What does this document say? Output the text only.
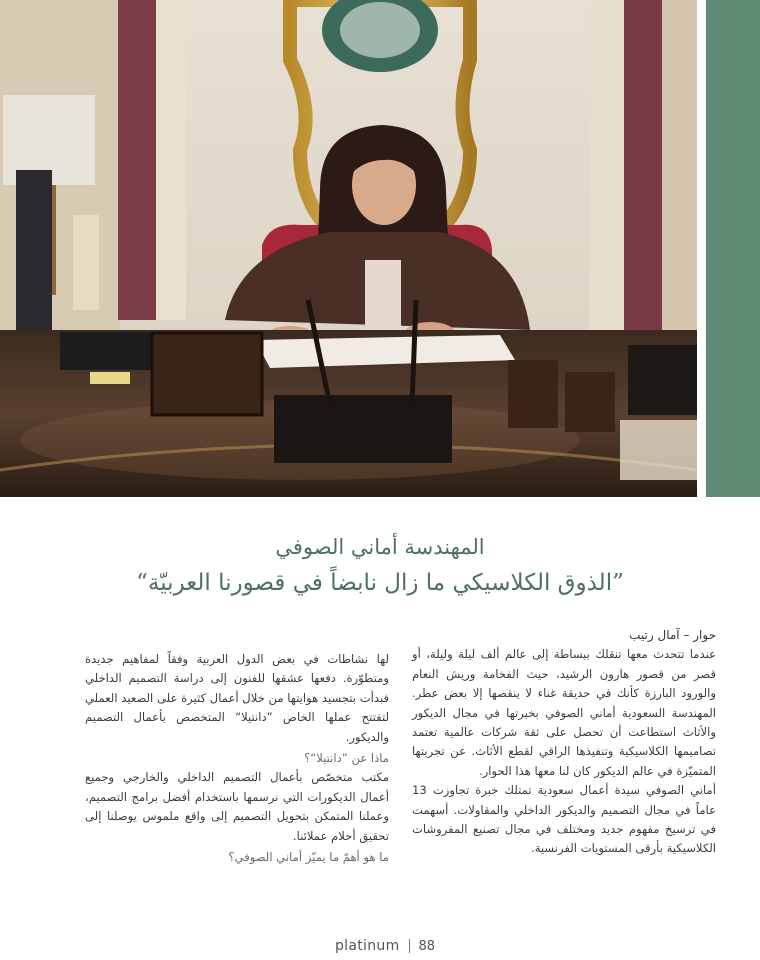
المهندسة أماني الصوفي
”الذوق الكلاسيكي ما زال نابضاً في قصورنا العربيّة“

حوار – آمال رتيب

عندما تتحدث معها تنقلك ببساطة إلى عالم ألف ليلة وليلة، أو قصر من قصور هارون الرشيد، حيث الفخامة وريش النعام والورود البارزة كأنك في حديقة غناء لا ينقصها إلا بعض عطر. المهندسة السعودية أماني الصوفي بخبرتها في مجال الديكور والأثاث استطاعت أن تحصل على ثقة شركات عالمية تعتمد تصاميمها الكلاسيكية وتنفيذها الراقي لقطع الأثاث. عن تجربتها المتميّزة في عالم الديكور كان لنا معها هذا الحوار.

أماني الصوفي سيدة أعمال سعودية تمتلك خبرة تجاوزت 13 عاماً في مجال التصميم والديكور الداخلي والمقاولات. أسهمت في ترسيخ مفهوم جديد ومختلف في مجال تصنيع المفروشات الكلاسيكية بأرقى المستويات الفرنسية.

لها نشاطات في بعض الدول العربية وفقاً لمفاهيم جديدة ومتطوّرة. دفعها عشقها للفنون إلى دراسة التصميم الداخلي فبدأت بتجسيد هوايتها من خلال أعمال كثيرة على الصعيد العملي لتفتتح عملها الخاص ”دانتيلا“ المتخصص بأعمال التصميم والديكور.

ماذا عن ”دانتيلا“؟

مكتب متخصّص بأعمال التصميم الداخلي والخارجي وجميع أعمال الديكورات التي نرسمها باستخدام أفضل برامج التصميم، وعملنا المتمكن بتحويل التصميم إلى واقع ملموس يوصلنا إلى تحقيق أحلام عملائنا.

ما هو أهمّ ما يميّز أماني الصوفي؟

platinum 88
